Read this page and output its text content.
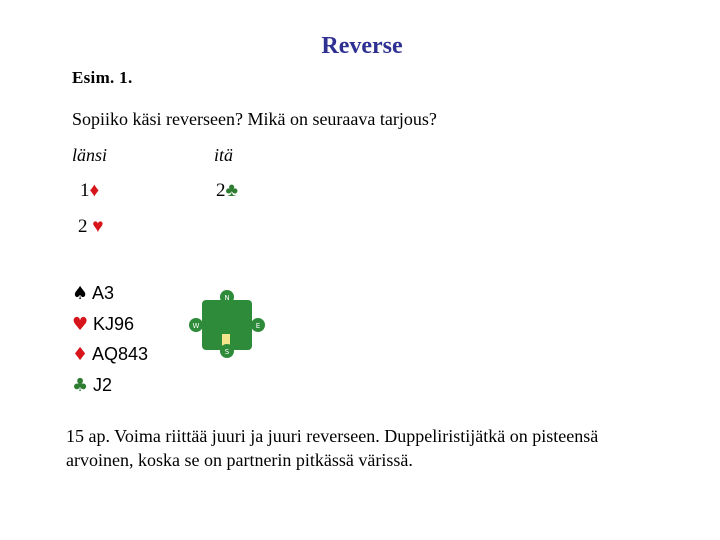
Reverse
Esim. 1.
Sopiiko käsi reverseen? Mikä on seuraava tarjous?
länsi	itä
1♦	2♣
2 ♥
♠ A3
♥ KJ96
♦ AQ843
♣ J2
N
S
W	E
15 ap. Voima riittää juuri ja juuri reverseen. Duppeliristijätkä on pisteensä arvoinen, koska se on partnerin pitkässä värissä.
